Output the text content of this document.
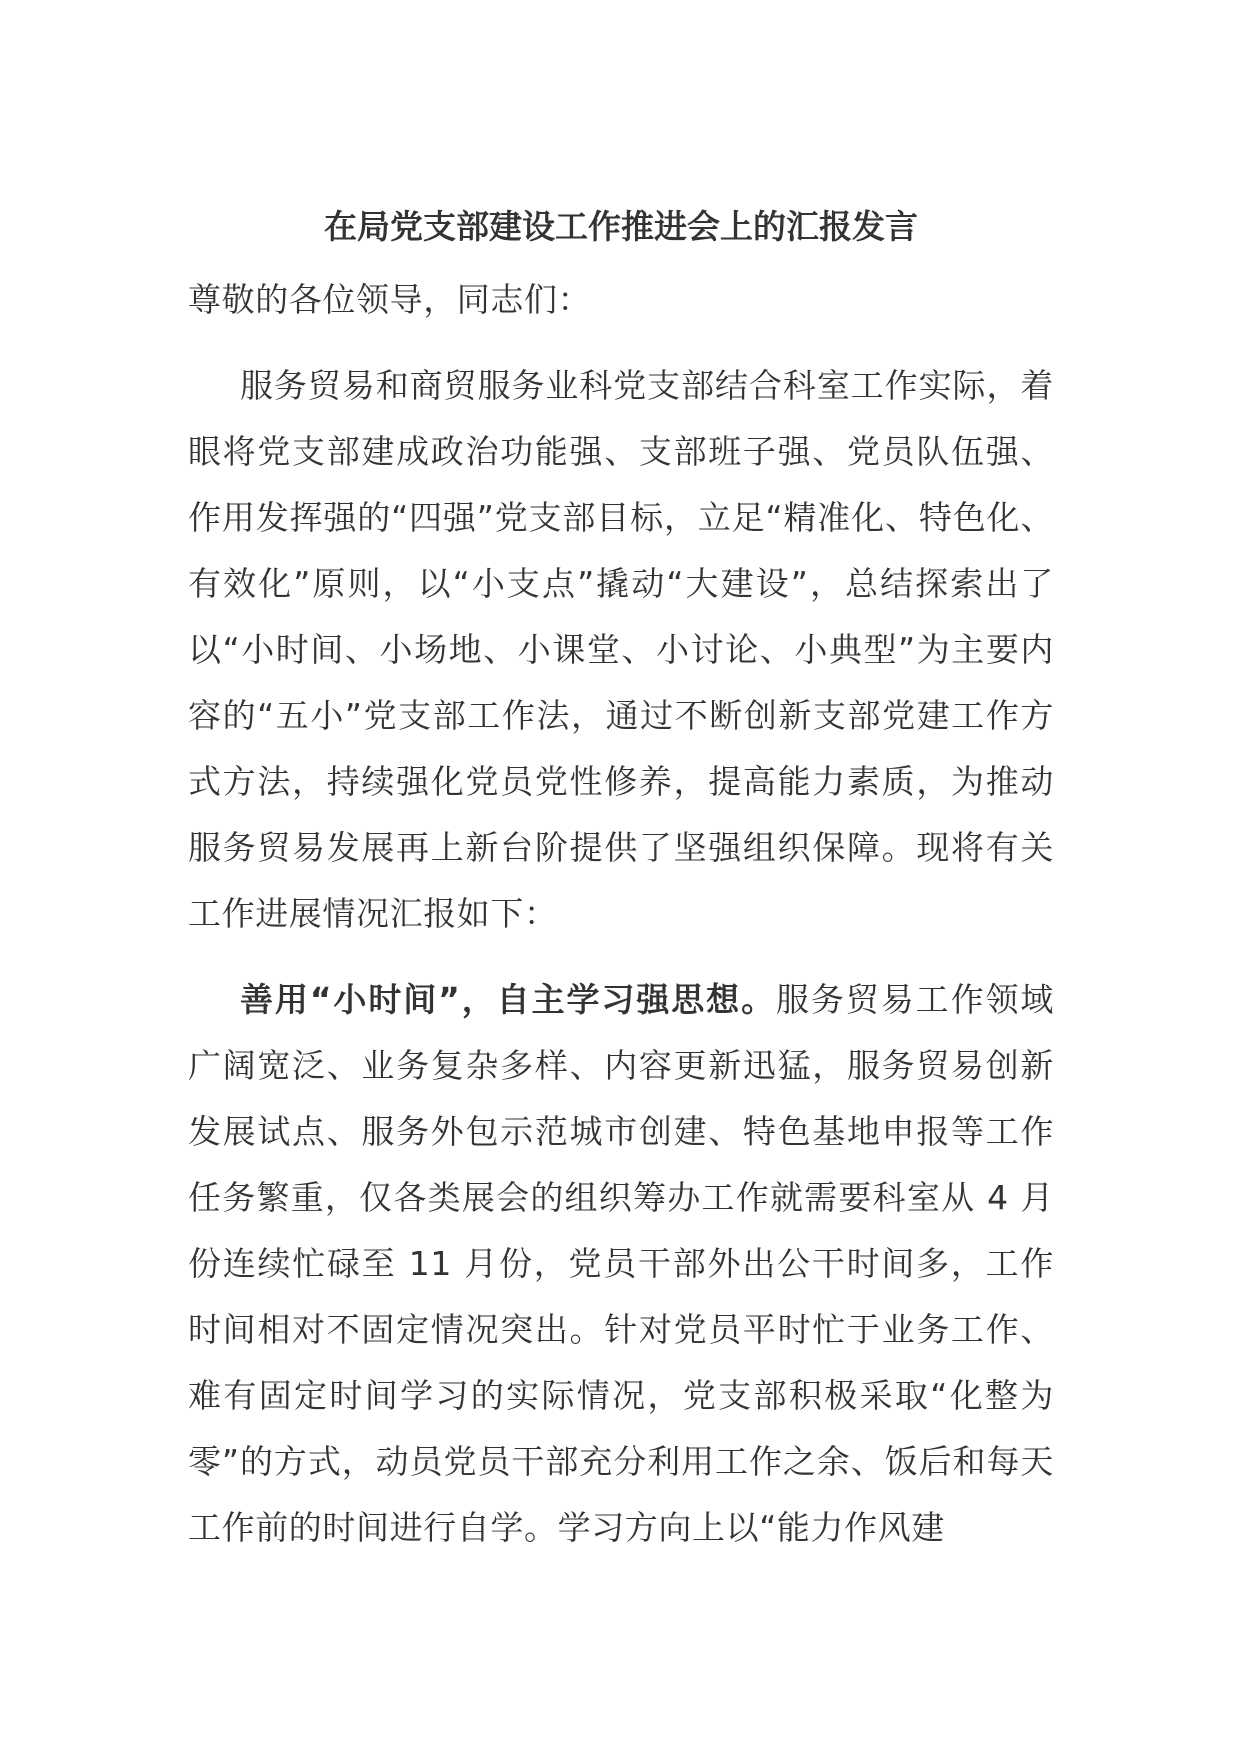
在局党支部建设工作推进会上的汇报发言

尊敬的各位领导，同志们：

服务贸易和商贸服务业科党支部结合科室工作实际，着眼将党支部建成政治功能强、支部班子强、党员队伍强、作用发挥强的“四强”党支部目标，立足“精准化、特色化、有效化”原则，以“小支点”撬动“大建设”，总结探索出了以“小时间、小场地、小课堂、小讨论、小典型”为主要内容的“五小”党支部工作法，通过不断创新支部党建工作方式方法，持续强化党员党性修养，提高能力素质，为推动服务贸易发展再上新台阶提供了坚强组织保障。现将有关工作进展情况汇报如下：

善用“小时间”，自主学习强思想。服务贸易工作领域广阔宽泛、业务复杂多样、内容更新迅猛，服务贸易创新发展试点、服务外包示范城市创建、特色基地申报等工作任务繁重，仅各类展会的组织筹办工作就需要科室从 4 月份连续忙碌至 11 月份，党员干部外出公干时间多，工作时间相对不固定情况突出。针对党员平时忙于业务工作、难有固定时间学习的实际情况，党支部积极采取“化整为零”的方式，动员党员干部充分利用工作之余、饭后和每天工作前的时间进行自学。学习方向上以“能力作风建
